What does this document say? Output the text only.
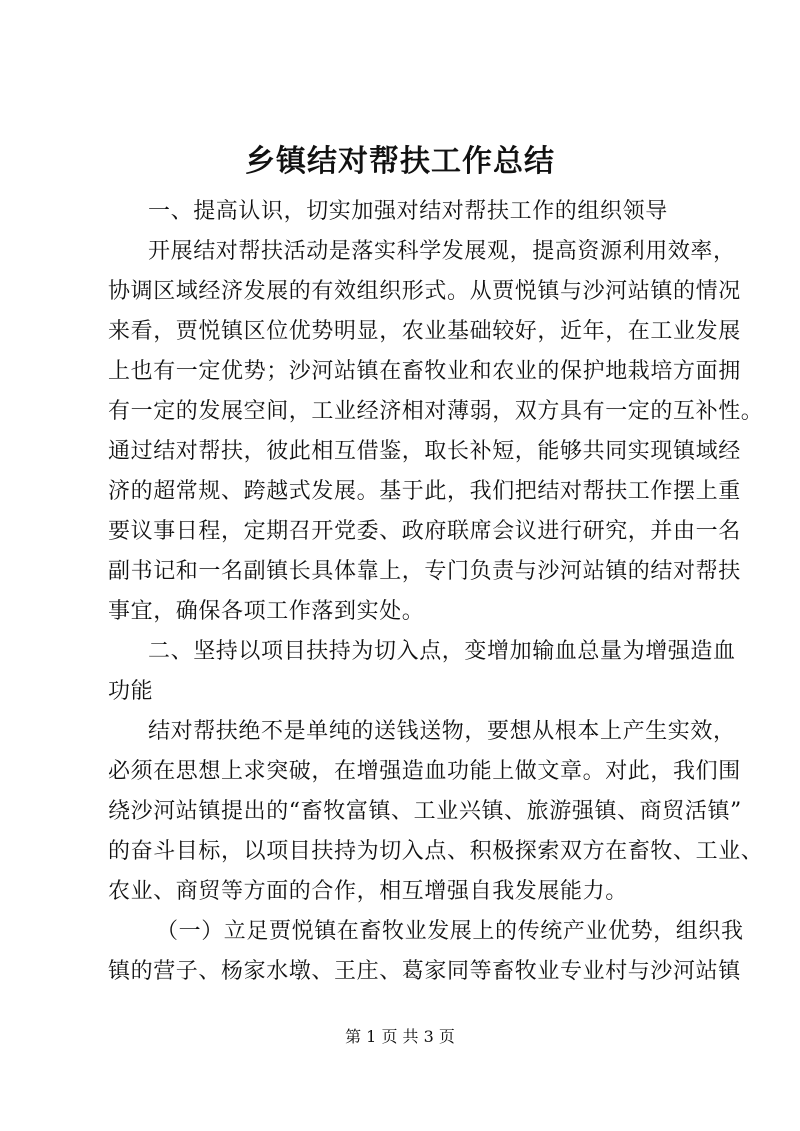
乡镇结对帮扶工作总结
一、提高认识，切实加强对结对帮扶工作的组织领导
开展结对帮扶活动是落实科学发展观，提高资源利用效率，
协调区域经济发展的有效组织形式。从贾悦镇与沙河站镇的情况
来看，贾悦镇区位优势明显，农业基础较好，近年，在工业发展
上也有一定优势；沙河站镇在畜牧业和农业的保护地栽培方面拥
有一定的发展空间，工业经济相对薄弱，双方具有一定的互补性。
通过结对帮扶，彼此相互借鉴，取长补短，能够共同实现镇域经
济的超常规、跨越式发展。基于此，我们把结对帮扶工作摆上重
要议事日程，定期召开党委、政府联席会议进行研究，并由一名
副书记和一名副镇长具体靠上，专门负责与沙河站镇的结对帮扶
事宜，确保各项工作落到实处。
二、坚持以项目扶持为切入点，变增加输血总量为增强造血
功能
结对帮扶绝不是单纯的送钱送物，要想从根本上产生实效，
必须在思想上求突破，在增强造血功能上做文章。对此，我们围
绕沙河站镇提出的“畜牧富镇、工业兴镇、旅游强镇、商贸活镇”
的奋斗目标，以项目扶持为切入点、积极探索双方在畜牧、工业、
农业、商贸等方面的合作，相互增强自我发展能力。
（一）立足贾悦镇在畜牧业发展上的传统产业优势，组织我
镇的营子、杨家水墩、王庄、葛家同等畜牧业专业村与沙河站镇
第 1 页 共 3 页
